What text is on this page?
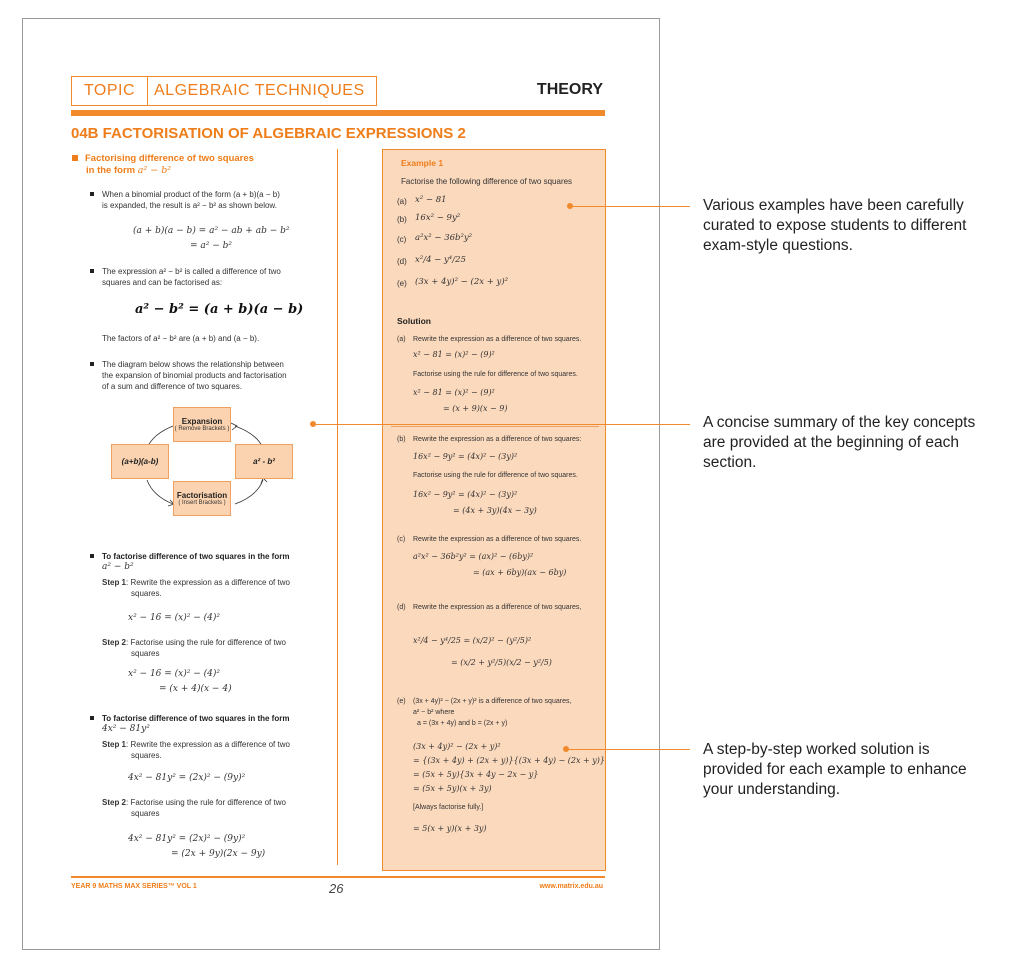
TOPIC	ALGEBRAIC TECHNIQUES	THEORY
04B FACTORISATION OF ALGEBRAIC EXPRESSIONS 2
Factorising difference of two squares
in the form a² − b²
When a binomial product of the form (a + b)(a − b)
is expanded, the result is a² − b² as shown below.
(a + b)(a − b) = a² − ab + ab − b²
= a² − b²
The expression a² − b² is called a difference of two
squares and can be factorised as:
a² − b² = (a + b)(a − b)
The factors of a² − b² are (a + b) and (a − b).
The diagram below shows the relationship between
the expansion of binomial products and factorisation
of a sum and difference of two squares.
Expansion
( Remove Brackets )
(a+b)(a-b)	a² - b²
Factorisation
( Insert Brackets )
To factorise difference of two squares in the form
a² − b²
Step 1: Rewrite the expression as a difference of two
squares.
x² − 16 = (x)² − (4)²
Step 2: Factorise using the rule for difference of two
squares
x² − 16 = (x)² − (4)²
= (x + 4)(x − 4)
To factorise difference of two squares in the form
4x² − 81y²
Step 1: Rewrite the expression as a difference of two
squares.
4x² − 81y² = (2x)² − (9y)²
Step 2: Factorise using the rule for difference of two
squares
4x² − 81y² = (2x)² − (9y)²
= (2x + 9y)(2x − 9y)
Example 1
Factorise the following difference of two squares
(a) x² − 81
(b) 16x² − 9y²
(c) a²x² − 36b²y²
(d) x²/4 − y⁴/25
(e) (3x + 4y)² − (2x + y)²
Solution
(a) Rewrite the expression as a difference of two squares.
x² − 81 = (x)² − (9)²
Factorise using the rule for difference of two squares.
x² − 81 = (x)² − (9)²
= (x + 9)(x − 9)
(b) Rewrite the expression as a difference of two squares:
16x² − 9y² = (4x)² − (3y)²
Factorise using the rule for difference of two squares.
16x² − 9y² = (4x)² − (3y)²
= (4x + 3y)(4x − 3y)
(c) Rewrite the expression as a difference of two squares.
a²x² − 36b²y² = (ax)² − (6by)²
= (ax + 6by)(ax − 6by)
(d) Rewrite the expression as a difference of two squares,
x²/4 − y⁴/25 = (x/2)² − (y²/5)²
= (x/2 + y²/5)(x/2 − y²/5)
(e) (3x + 4y)² − (2x + y)² is a difference of two squares,
a² − b² where
a = (3x + 4y) and b = (2x + y)
(3x + 4y)² − (2x + y)²
= {(3x + 4y) + (2x + y)}{(3x + 4y) − (2x + y)}
= (5x + 5y){3x + 4y − 2x − y}
= (5x + 5y)(x + 3y)
[Always factorise fully.]
= 5(x + y)(x + 3y)
YEAR 9 MATHS MAX SERIES™ VOL 1	26	www.matrix.edu.au
Various examples have been carefully
curated to expose students to different
exam-style questions.
A concise summary of the key concepts
are provided at the beginning of each
section.
A step-by-step worked solution is
provided for each example to enhance
your understanding.
